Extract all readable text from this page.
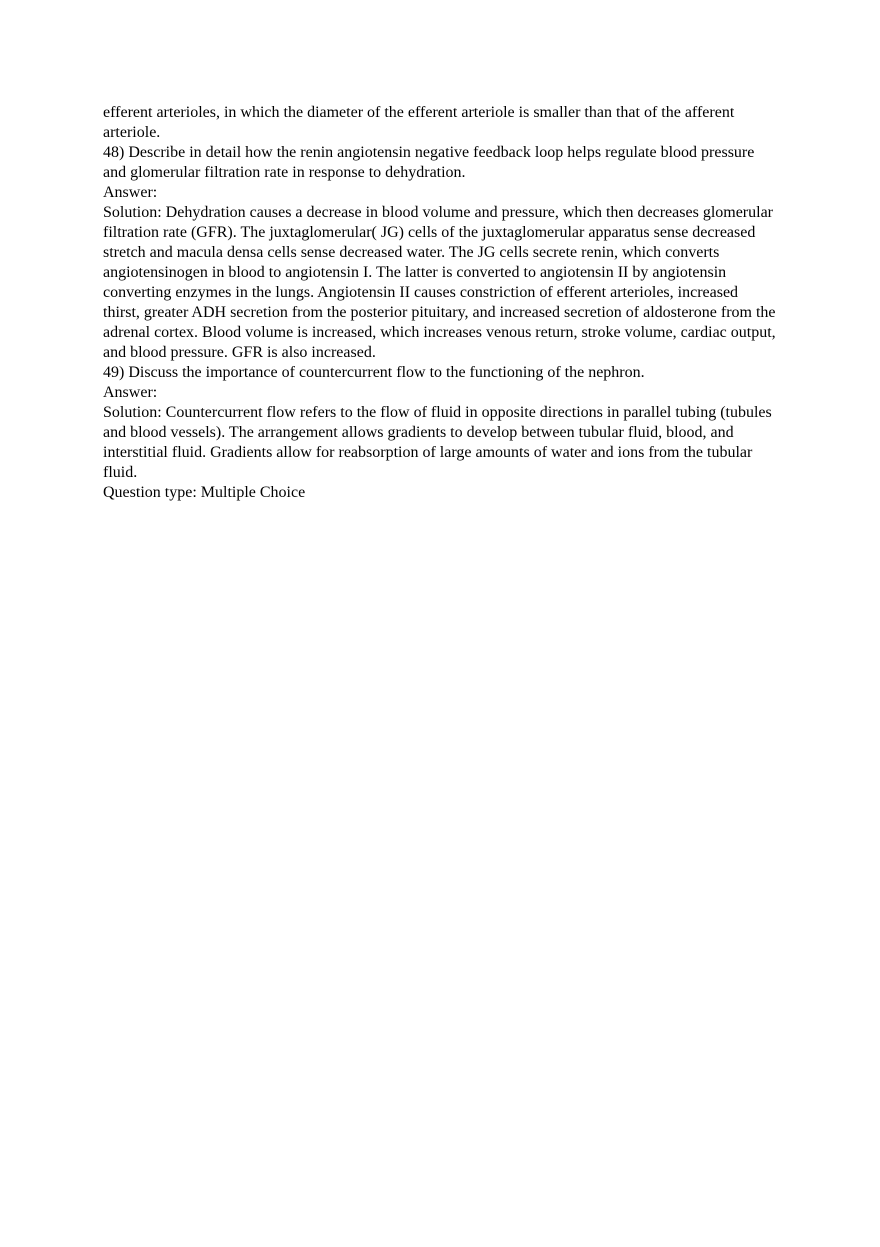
efferent arterioles, in which the diameter of the efferent arteriole is smaller than that of the afferent arteriole.

48) Describe in detail how the renin angiotensin negative feedback loop helps regulate blood pressure and glomerular filtration rate in response to dehydration.

Answer:

Solution: Dehydration causes a decrease in blood volume and pressure, which then decreases glomerular filtration rate (GFR). The juxtaglomerular( JG) cells of the juxtaglomerular apparatus sense decreased stretch and macula densa cells sense decreased water. The JG cells secrete renin, which converts angiotensinogen in blood to angiotensin I. The latter is converted to angiotensin II by angiotensin converting enzymes in the lungs. Angiotensin II causes constriction of efferent arterioles, increased thirst, greater ADH secretion from the posterior pituitary, and increased secretion of aldosterone from the adrenal cortex. Blood volume is increased, which increases venous return, stroke volume, cardiac output, and blood pressure. GFR is also increased.

49) Discuss the importance of countercurrent flow to the functioning of the nephron.

Answer:

Solution: Countercurrent flow refers to the flow of fluid in opposite directions in parallel tubing (tubules and blood vessels). The arrangement allows gradients to develop between tubular fluid, blood, and interstitial fluid. Gradients allow for reabsorption of large amounts of water and ions from the tubular fluid.

Question type: Multiple Choice
